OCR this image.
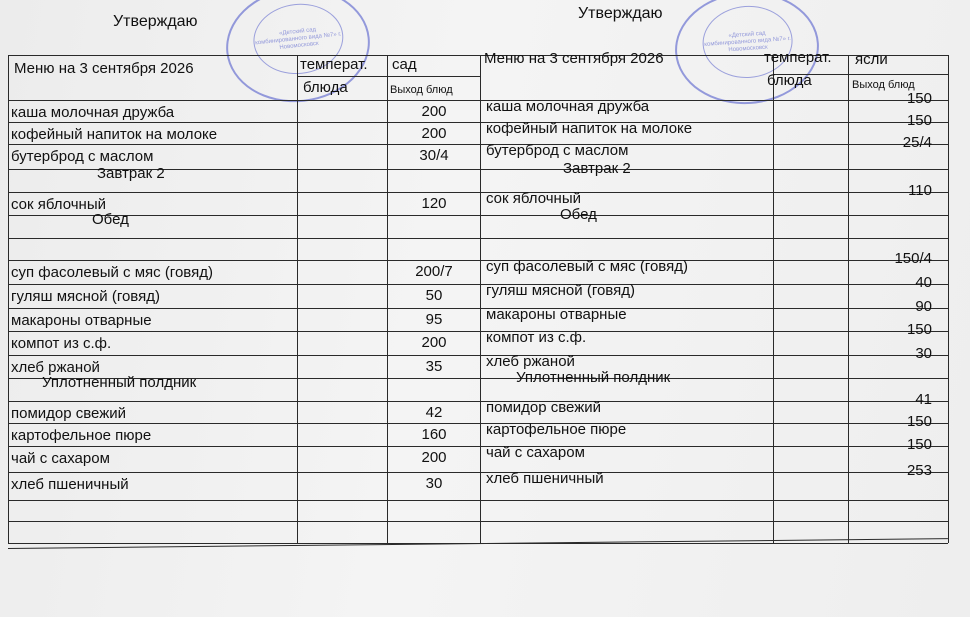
Утверждаю	Утверждаю
«Детский сад комбинированного вида №7» г. Новомосковск
«Детский сад комбинированного вида №7» г. Новомосковск
Меню на 3 сентября 2026	температ.
блюда
сад
Выход блюд
Меню на 3 сентября 2026	температ.
блюда
ясли
Выход блюд
каша молочная дружба	200
кофейный напиток на молоке	200
бутерброд с маслом	30/4
Завтрак 2
сок яблочный	120
Обед
суп фасолевый с мяс (говяд)	200/7
гуляш мясной (говяд)	50
макароны отварные	95
компот из с.ф.	200
хлеб ржаной	35
Уплотненный полдник
помидор свежий	42
картофельное пюре	160
чай с сахаром	200
хлеб пшеничный	30
каша молочная дружба	150
кофейный напиток на молоке	150
бутерброд с маслом	25/4
Завтрак 2
сок яблочный	110
Обед
суп фасолевый с мяс (говяд)	150/4
гуляш мясной (говяд)	40
макароны отварные	90
компот из с.ф.	150
хлеб ржаной	30
Уплотненный полдник
помидор свежий	41
картофельное пюре	150
чай с сахаром	150
хлеб пшеничный	253
